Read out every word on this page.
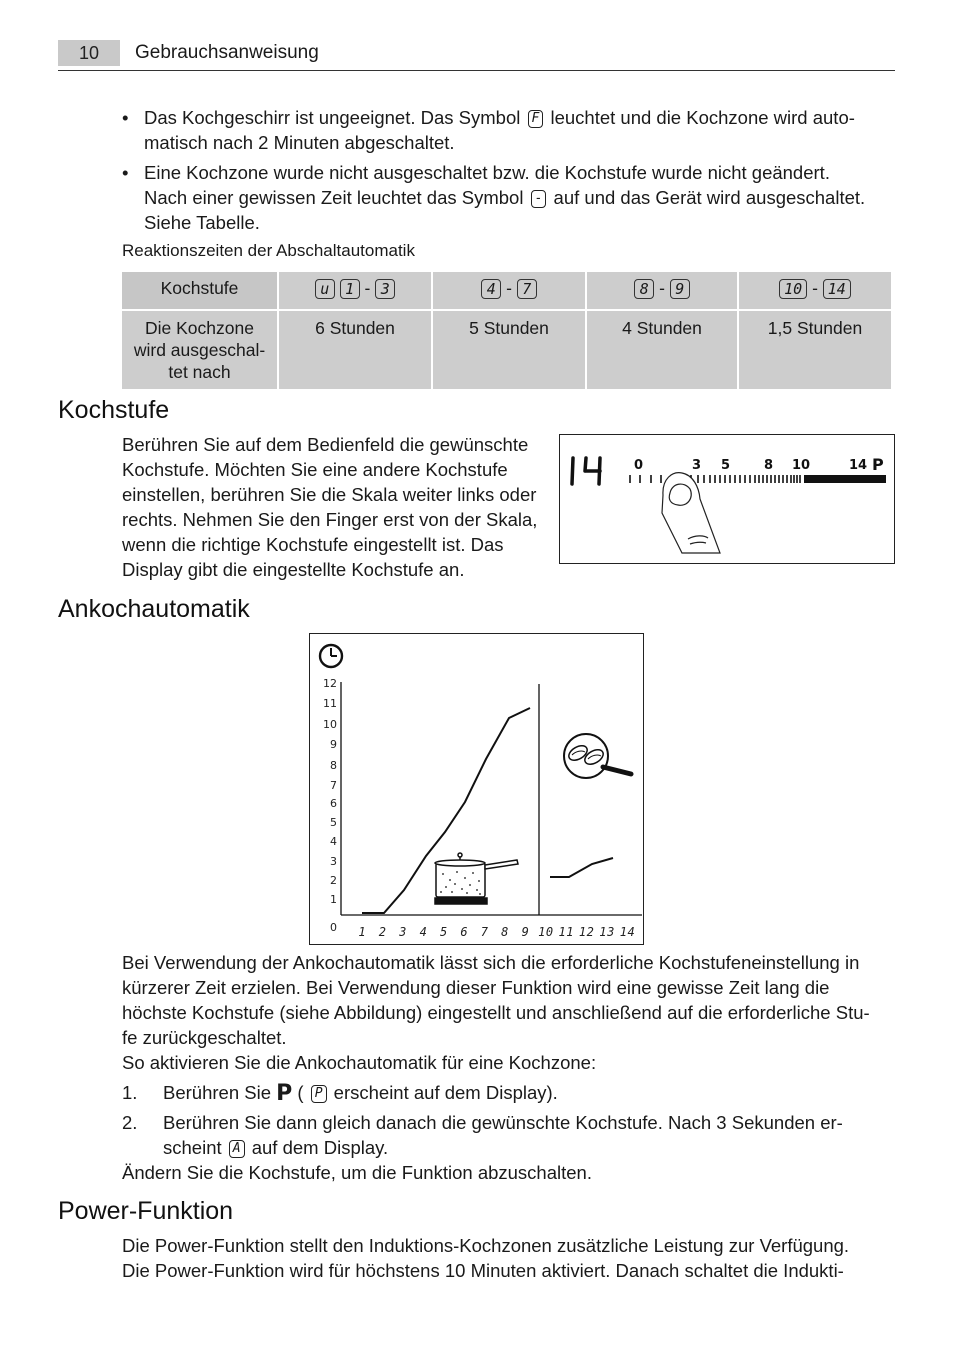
10	Gebrauchsanweisung
• Das Kochgeschirr ist ungeeignet. Das Symbol F leuchtet und die Kochzone wird auto-
matisch nach 2 Minuten abgeschaltet.
• Eine Kochzone wurde nicht ausgeschaltet bzw. die Kochstufe wurde nicht geändert.
Nach einer gewissen Zeit leuchtet das Symbol - auf und das Gerät wird ausgeschaltet.
Siehe Tabelle.
Reaktionszeiten der Abschaltautomatik
Kochstufe	u 1 - 3	4 - 7	8 - 9	10 - 14

Die Kochzone
wird ausgeschal-
tet nach	6 Stunden	5 Stunden	4 Stunden	1,5 Stunden
Kochstufe
Berühren Sie auf dem Bedienfeld die gewünschte
Kochstufe. Möchten Sie eine andere Kochstufe
einstellen, berühren Sie die Skala weiter links oder
rechts. Nehmen Sie den Finger erst von der Skala,
wenn die richtige Kochstufe eingestellt ist. Das
Display gibt die eingestellte Kochstufe an.
14
0	3 5	8 10	14 P
Ankochautomatik
12
11
10
9
8
7
6
5
4
3
2
1
0 1 2 3 4 5 6 7 8 9 10 11 12 13 14
Bei Verwendung der Ankochautomatik lässt sich die erforderliche Kochstufeneinstellung in
kürzerer Zeit erzielen. Bei Verwendung dieser Funktion wird eine gewisse Zeit lang die
höchste Kochstufe (siehe Abbildung) eingestellt und anschließend auf die erforderliche Stu-
fe zurückgeschaltet.
So aktivieren Sie die Ankochautomatik für eine Kochzone:
1. Berühren Sie P ( P erscheint auf dem Display).
2. Berühren Sie dann gleich danach die gewünschte Kochstufe. Nach 3 Sekunden er-
scheint A auf dem Display.
Ändern Sie die Kochstufe, um die Funktion abzuschalten.
Power-Funktion
Die Power-Funktion stellt den Induktions-Kochzonen zusätzliche Leistung zur Verfügung.
Die Power-Funktion wird für höchstens 10 Minuten aktiviert. Danach schaltet die Indukti-
